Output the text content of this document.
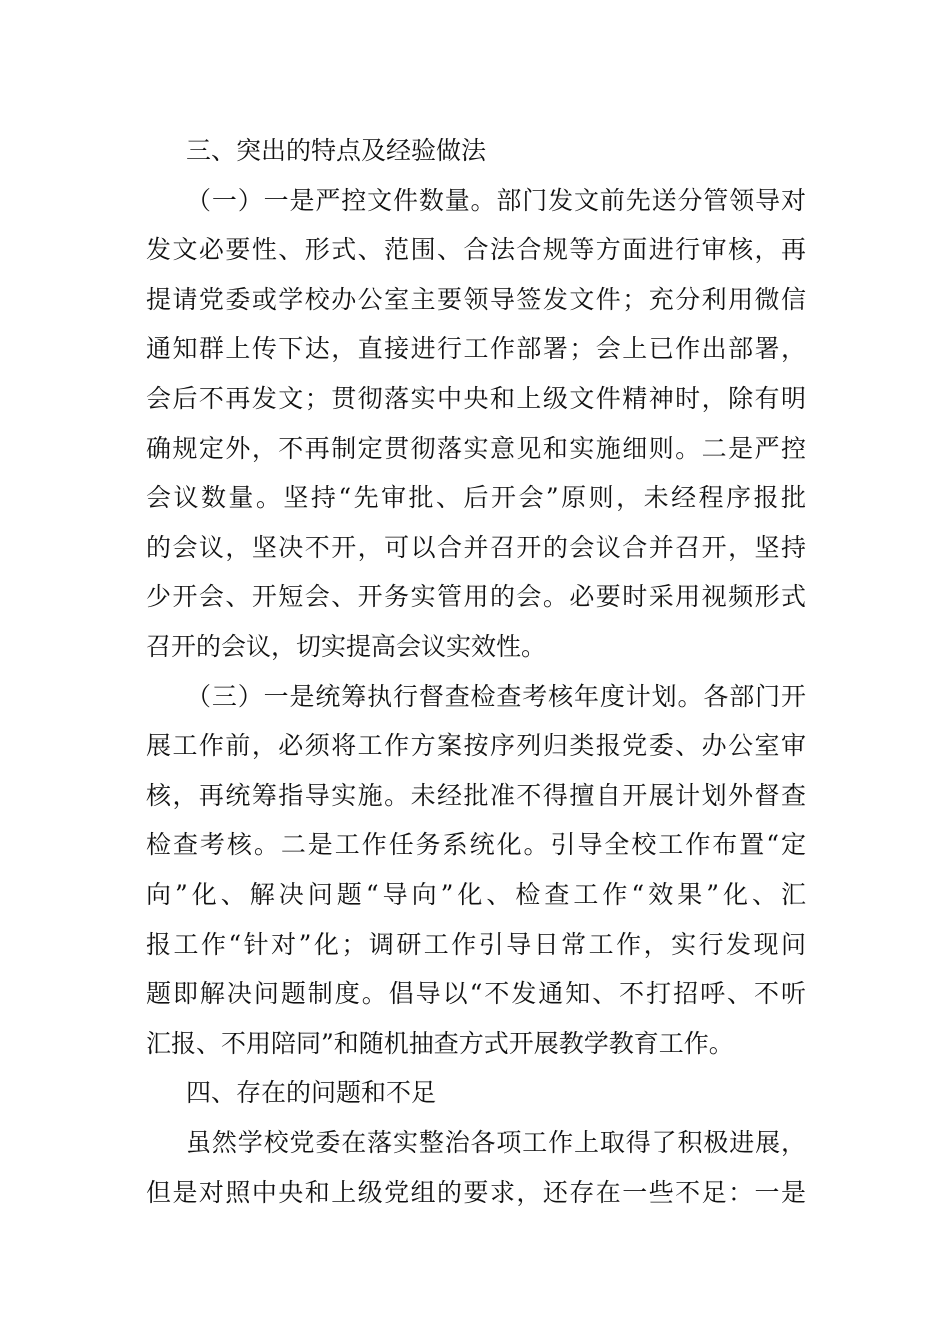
三、突出的特点及经验做法
（一）一是严控文件数量。部门发文前先送分管领导对
发文必要性、形式、范围、合法合规等方面进行审核，再
提请党委或学校办公室主要领导签发文件；充分利用微信
通知群上传下达，直接进行工作部署；会上已作出部署，
会后不再发文；贯彻落实中央和上级文件精神时，除有明
确规定外，不再制定贯彻落实意见和实施细则。二是严控
会议数量。坚持“先审批、后开会”原则，未经程序报批
的会议，坚决不开，可以合并召开的会议合并召开，坚持
少开会、开短会、开务实管用的会。必要时采用视频形式
召开的会议，切实提高会议实效性。
（三）一是统筹执行督查检查考核年度计划。各部门开
展工作前，必须将工作方案按序列归类报党委、办公室审
核，再统筹指导实施。未经批准不得擅自开展计划外督查
检查考核。二是工作任务系统化。引导全校工作布置“定
向”化、解决问题“导向”化、检查工作“效果”化、汇
报工作“针对”化；调研工作引导日常工作，实行发现问
题即解决问题制度。倡导以“不发通知、不打招呼、不听
汇报、不用陪同”和随机抽查方式开展教学教育工作。
四、存在的问题和不足
虽然学校党委在落实整治各项工作上取得了积极进展，
但是对照中央和上级党组的要求，还存在一些不足：一是
